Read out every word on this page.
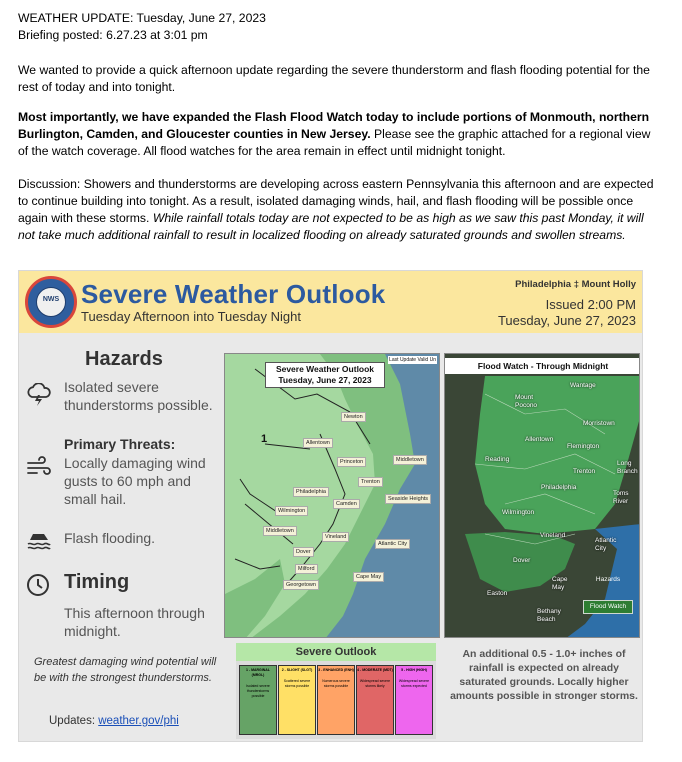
WEATHER UPDATE: Tuesday, June 27, 2023
Briefing posted: 6.27.23 at 3:01 pm
We wanted to provide a quick afternoon update regarding the severe thunderstorm and flash flooding potential for the rest of today and into tonight.
Most importantly, we have expanded the Flash Flood Watch today to include portions of Monmouth, northern Burlington, Camden, and Gloucester counties in New Jersey. Please see the graphic attached for a regional view of the watch coverage. All flood watches for the area remain in effect until midnight tonight.
Discussion: Showers and thunderstorms are developing across eastern Pennsylvania this afternoon and are expected to continue building into tonight. As a result, isolated damaging winds, hail, and flash flooding will be possible once again with these storms. While rainfall totals today are not expected to be as high as we saw this past Monday, it will not take much additional rainfall to result in localized flooding on already saturated grounds and swollen streams.
NWS Severe Weather Outlook
Tuesday Afternoon into Tuesday Night
Philadelphia ‡ Mount Holly
Issued 2:00 PM
Tuesday, June 27, 2023
Hazards
Isolated severe thunderstorms possible.
Primary Threats:
Locally damaging wind gusts to 60 mph and small hail.
Flash flooding.
Timing
This afternoon through midnight.
Greatest damaging wind potential will be with the strongest thunderstorms.
Updates: weather.gov/phi
Severe Weather Outlook Tuesday, June 27, 2023
Last Update Valid Un
1
Newton
Allentown
Princeton	Middletown
Trenton
Philadelphia
Camden
Seaside Heights
Wilmington
Middletown
Vineland
Atlantic City
Dover
Milford
Cape May
Georgetown
Flood Watch - Through Midnight
Wantage
Mount Pocono
Morristown
Allentown
Flemington
Reading
Trenton
Long Branch
Philadelphia
Toms River
Wilmington
Vineland
Atlantic City
Dover
Cape May
Easton
Bethany Beach
Hazards
Flood Watch
Severe Outlook
1 - MARGINAL (MRGL)
Isolated severe thunderstorms possible
2 - SLIGHT (SLGT)
Scattered severe storms possible
3 - ENHANCED (ENH)
Numerous severe storms possible
4 - MODERATE (MDT)
Widespread severe storms likely
5 - HIGH (HIGH)
Widespread severe storms expected
An additional 0.5 - 1.0+ inches of rainfall is expected on already saturated grounds. Locally higher amounts possible in stronger storms.
